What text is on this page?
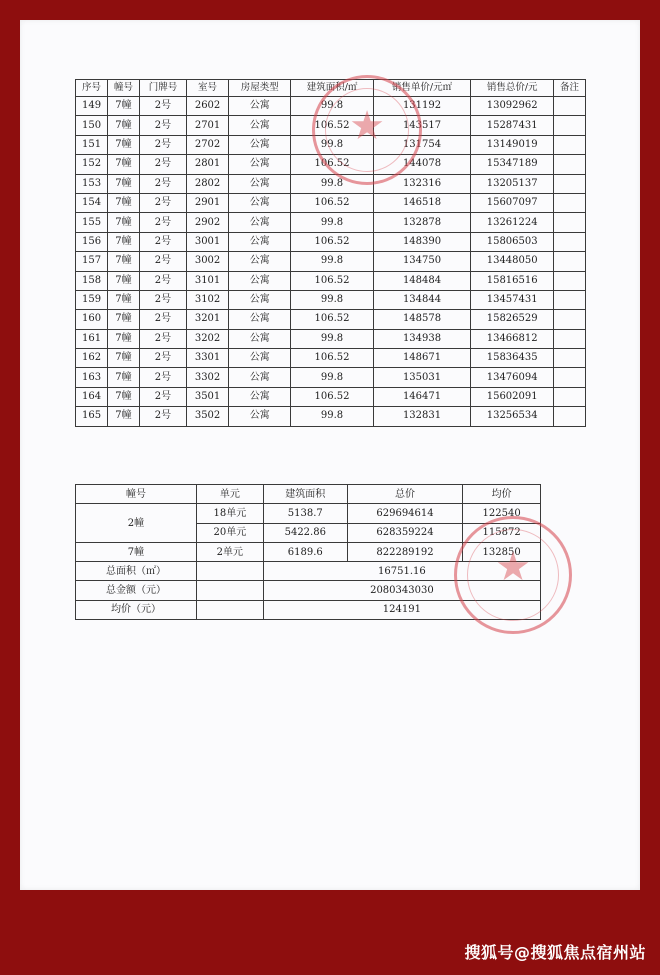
序号	幢号	门牌号	室号	房屋类型	建筑面积/㎡	销售单价/元㎡	销售总价/元	备注
149	7幢	2号	2602	公寓	99.8	131192	13092962	
150	7幢	2号	2701	公寓	106.52	143517	15287431	
151	7幢	2号	2702	公寓	99.8	131754	13149019	
152	7幢	2号	2801	公寓	106.52	144078	15347189	
153	7幢	2号	2802	公寓	99.8	132316	13205137	
154	7幢	2号	2901	公寓	106.52	146518	15607097	
155	7幢	2号	2902	公寓	99.8	132878	13261224	
156	7幢	2号	3001	公寓	106.52	148390	15806503	
157	7幢	2号	3002	公寓	99.8	134750	13448050	
158	7幢	2号	3101	公寓	106.52	148484	15816516	
159	7幢	2号	3102	公寓	99.8	134844	13457431	
160	7幢	2号	3201	公寓	106.52	148578	15826529	
161	7幢	2号	3202	公寓	99.8	134938	13466812	
162	7幢	2号	3301	公寓	106.52	148671	15836435	
163	7幢	2号	3302	公寓	99.8	135031	13476094	
164	7幢	2号	3501	公寓	106.52	146471	15602091	
165	7幢	2号	3502	公寓	99.8	132831	13256534	
幢号	单元	建筑面积	总价	均价
2幢	18单元	5138.7	629694614	122540
	20单元	5422.86	628359224	115872
7幢	2单元	6189.6	822289192	132850
总面积（㎡）		16751.16		
总金额（元）		2080343030		
均价（元）		124191		
★
★
搜狐号@搜狐焦点宿州站
